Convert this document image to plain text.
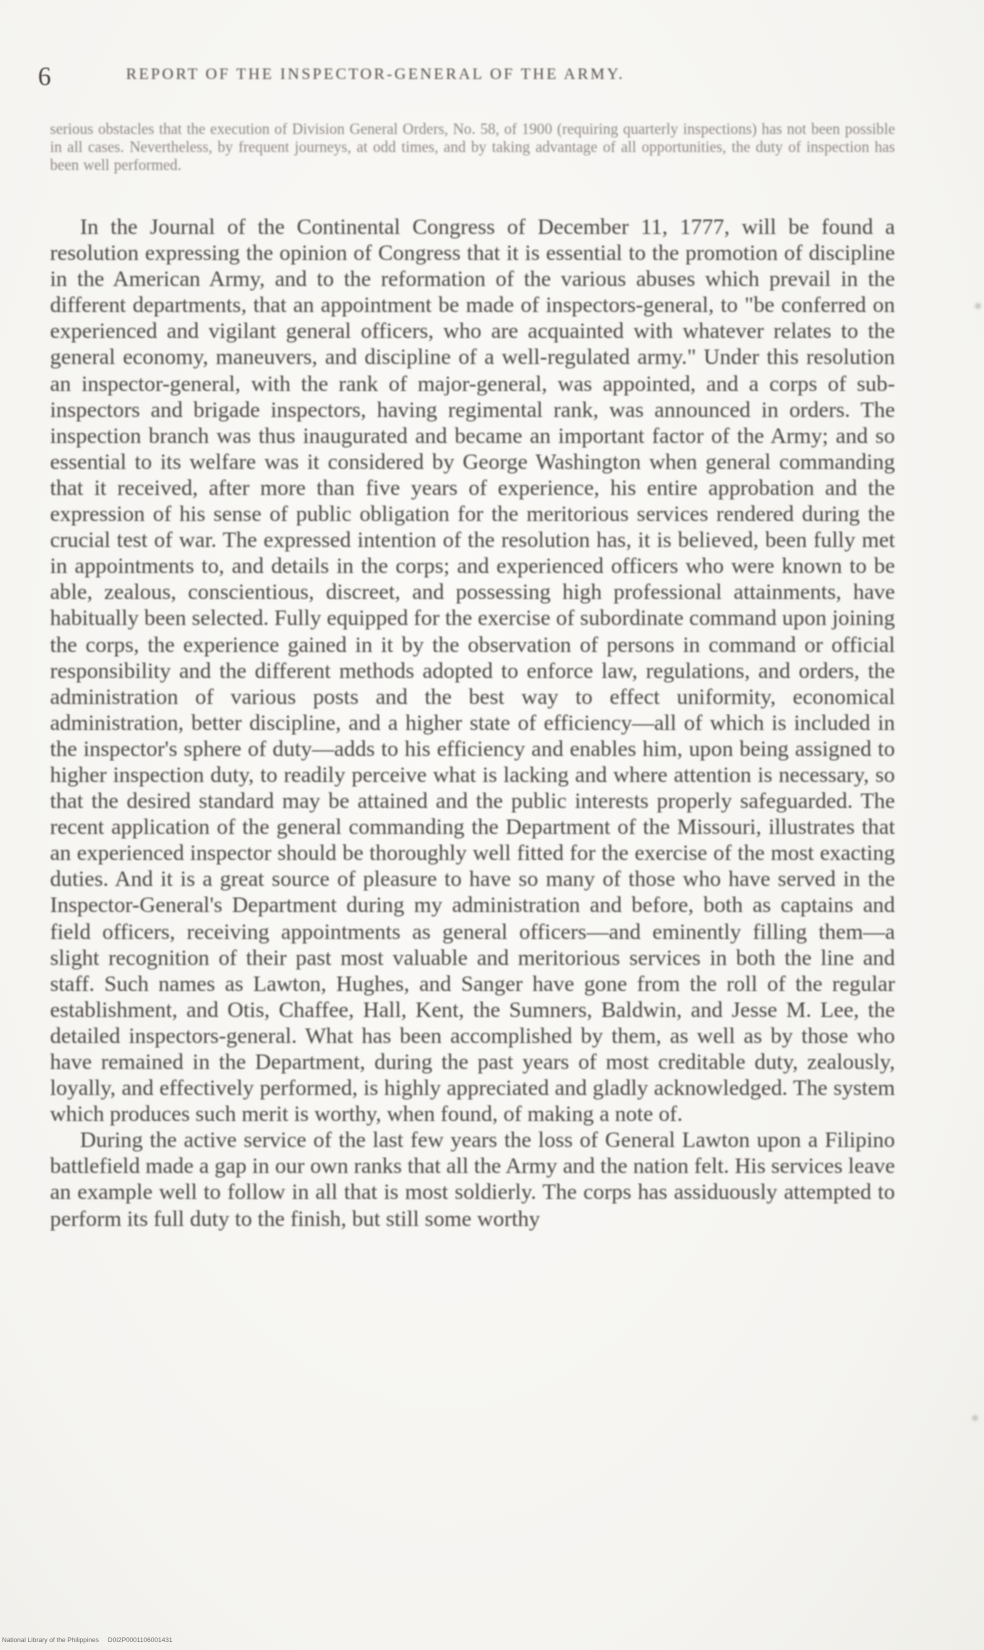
6	REPORT OF THE INSPECTOR-GENERAL OF THE ARMY.
serious obstacles that the execution of Division General Orders, No. 58, of 1900 (requiring quarterly inspections) has not been possible in all cases. Nevertheless, by frequent journeys, at odd times, and by taking advantage of all opportunities, the duty of inspection has been well performed.

In the Journal of the Continental Congress of December 11, 1777, will be found a resolution expressing the opinion of Congress that it is essential to the promotion of discipline in the American Army, and to the reformation of the various abuses which prevail in the different departments, that an appointment be made of inspectors-general, to "be conferred on experienced and vigilant general officers, who are acquainted with whatever relates to the general economy, maneuvers, and discipline of a well-regulated army." Under this resolution an inspector-general, with the rank of major-general, was appointed, and a corps of sub-inspectors and brigade inspectors, having regimental rank, was announced in orders. The inspection branch was thus inaugurated and became an important factor of the Army; and so essential to its welfare was it considered by George Washington when general commanding that it received, after more than five years of experience, his entire approbation and the expression of his sense of public obligation for the meritorious services rendered during the crucial test of war. The expressed intention of the resolution has, it is believed, been fully met in appointments to, and details in the corps; and experienced officers who were known to be able, zealous, conscientious, discreet, and possessing high professional attainments, have habitually been selected. Fully equipped for the exercise of subordinate command upon joining the corps, the experience gained in it by the observation of persons in command or official responsibility and the different methods adopted to enforce law, regulations, and orders, the administration of various posts and the best way to effect uniformity, economical administration, better discipline, and a higher state of efficiency—all of which is included in the inspector's sphere of duty—adds to his efficiency and enables him, upon being assigned to higher inspection duty, to readily perceive what is lacking and where attention is necessary, so that the desired standard may be attained and the public interests properly safeguarded. The recent application of the general commanding the Department of the Missouri, illustrates that an experienced inspector should be thoroughly well fitted for the exercise of the most exacting duties. And it is a great source of pleasure to have so many of those who have served in the Inspector-General's Department during my administration and before, both as captains and field officers, receiving appointments as general officers—and eminently filling them—a slight recognition of their past most valuable and meritorious services in both the line and staff. Such names as Lawton, Hughes, and Sanger have gone from the roll of the regular establishment, and Otis, Chaffee, Hall, Kent, the Sumners, Baldwin, and Jesse M. Lee, the detailed inspectors-general. What has been accomplished by them, as well as by those who have remained in the Department, during the past years of most creditable duty, zealously, loyally, and effectively performed, is highly appreciated and gladly acknowledged. The system which produces such merit is worthy, when found, of making a note of.

During the active service of the last few years the loss of General Lawton upon a Filipino battlefield made a gap in our own ranks that all the Army and the nation felt. His services leave an example well to follow in all that is most soldierly. The corps has assiduously attempted to perform its full duty to the finish, but still some worthy

National Library of the Philippines D0I2P0001106001431
